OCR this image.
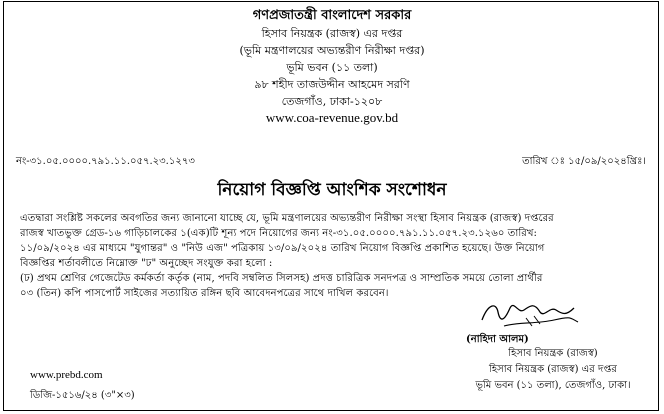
গণপ্রজাতন্ত্রী বাংলাদেশ সরকার
হিসাব নিয়ন্ত্রক (রাজস্ব) এর দপ্তর
(ভূমি মন্ত্রণালয়ের অভ্যন্তরীণ নিরীক্ষা দপ্তর)
ভূমি ভবন (১১ তলা)
৯৮ শহীদ তাজউদ্দীন আহমেদ সরণি
তেজগাঁও, ঢাকা-১২০৮
www.coa-revenue.gov.bd
নং-৩১.০৫.০০০০.৭৯১.১১.০৫৭.২৩.১২৭৩	তারিখ ঃ ১৫/০৯/২০২৪খ্রিঃ।
নিয়োগ বিজ্ঞপ্তি আংশিক সংশোধন
এতদ্বারা সংশ্লিষ্ট সকলের অবগতির জন্য জানানো যাচ্ছে যে, ভূমি মন্ত্রণালয়ের অভ্যন্তরীণ নিরীক্ষা সংস্থা হিসাব নিয়ন্ত্রক (রাজস্ব) দপ্তরের
রাজস্ব খাতভুক্ত গ্রেড-১৬ গাড়িচালকের ১(এক)টি শূন্য পদে নিয়োগের জন্য নং-৩১.০৫.০০০০.৭৯১.১১.০৫৭.২৩.১২৬০ তারিখ:
১১/০৯/২০২৪ এর মাধ্যমে "যুগান্তর" ও "নিউ এজ" পত্রিকায় ১৩/০৯/২০২৪ তারিখ নিয়োগ বিজ্ঞপ্তি প্রকাশিত হয়েছে। উক্ত নিয়োগ
বিজ্ঞপ্তির শর্তাবলীতে নিম্নোক্ত "ঢ" অনুচ্ছেদ সংযুক্ত করা হলো :
(ঢ) প্রথম শ্রেণির গেজেটেড কর্মকর্তা কর্তৃক (নাম, পদবি সম্বলিত সিলসহ) প্রদত্ত চারিত্রিক সনদপত্র ও সাম্প্রতিক সময়ে তোলা প্রার্থীর
০৩ (তিন) কপি পাসপোর্ট সাইজের সত্যায়িত রঙ্গিন ছবি আবেদনপত্রের সাথে দাখিল করবেন।
(নাহিদা আলম)
হিসাব নিয়ন্ত্রক (রাজস্ব)
হিসাব নিয়ন্ত্রক (রাজস্ব) এর দপ্তর
ভূমি ভবন (১১ তলা), তেজগাঁও, ঢাকা।
www.prebd.com
ডিজি-১৫১৬/২৪ (৩"×৩)
